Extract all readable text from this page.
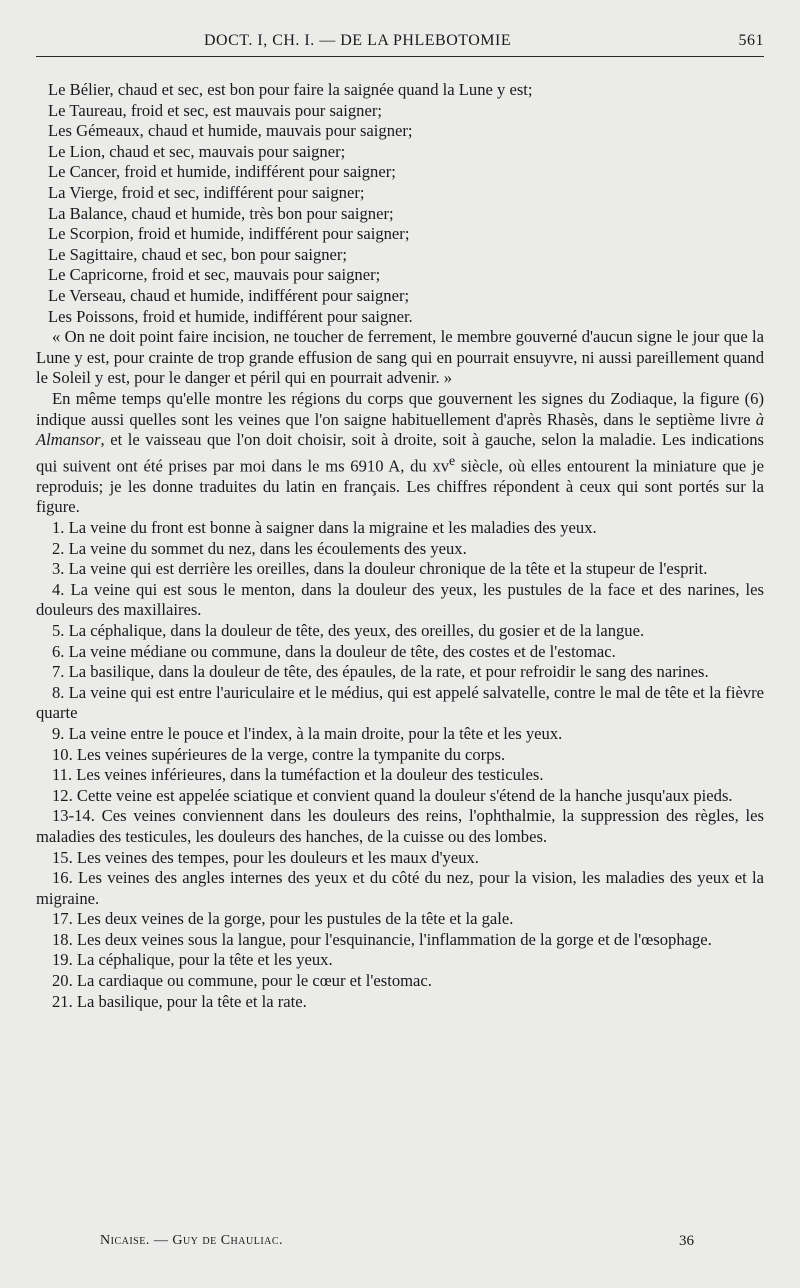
DOCT. I, CH. I. — DE LA PHLEBOTOMIE	561
Le Bélier, chaud et sec, est bon pour faire la saignée quand la Lune y est;
Le Taureau, froid et sec, est mauvais pour saigner;
Les Gémeaux, chaud et humide, mauvais pour saigner;
Le Lion, chaud et sec, mauvais pour saigner;
Le Cancer, froid et humide, indifférent pour saigner;
La Vierge, froid et sec, indifférent pour saigner;
La Balance, chaud et humide, très bon pour saigner;
Le Scorpion, froid et humide, indifférent pour saigner;
Le Sagittaire, chaud et sec, bon pour saigner;
Le Capricorne, froid et sec, mauvais pour saigner;
Le Verseau, chaud et humide, indifférent pour saigner;
Les Poissons, froid et humide, indifférent pour saigner.

« On ne doit point faire incision, ne toucher de ferrement, le membre gouverné d'aucun signe le jour que la Lune y est, pour crainte de trop grande effusion de sang qui en pourrait ensuyvre, ni aussi pareillement quand le Soleil y est, pour le danger et péril qui en pourrait advenir. »

En même temps qu'elle montre les régions du corps que gouvernent les signes du Zodiaque, la figure (6) indique aussi quelles sont les veines que l'on saigne habituellement d'après Rhasès, dans le septième livre à Almansor, et le vaisseau que l'on doit choisir, soit à droite, soit à gauche, selon la maladie. Les indications qui suivent ont été prises par moi dans le ms 6910 A, du $xv^e$ siècle, où elles entourent la miniature que je reproduis; je les donne traduites du latin en français. Les chiffres répondent à ceux qui sont portés sur la figure.

1. La veine du front est bonne à saigner dans la migraine et les maladies des yeux.

2. La veine du sommet du nez, dans les écoulements des yeux.

3. La veine qui est derrière les oreilles, dans la douleur chronique de la tête et la stupeur de l'esprit.

4. La veine qui est sous le menton, dans la douleur des yeux, les pustules de la face et des narines, les douleurs des maxillaires.

5. La céphalique, dans la douleur de tête, des yeux, des oreilles, du gosier et de la langue.

6. La veine médiane ou commune, dans la douleur de tête, des costes et de l'estomac.

7. La basilique, dans la douleur de tête, des épaules, de la rate, et pour refroidir le sang des narines.

8. La veine qui est entre l'auriculaire et le médius, qui est appelé salvatelle, contre le mal de tête et la fièvre quarte

9. La veine entre le pouce et l'index, à la main droite, pour la tête et les yeux.

10. Les veines supérieures de la verge, contre la tympanite du corps.

11. Les veines inférieures, dans la tuméfaction et la douleur des testicules.

12. Cette veine est appelée sciatique et convient quand la douleur s'étend de la hanche jusqu'aux pieds.

13-14. Ces veines conviennent dans les douleurs des reins, l'ophthalmie, la suppression des règles, les maladies des testicules, les douleurs des hanches, de la cuisse ou des lombes.

15. Les veines des tempes, pour les douleurs et les maux d'yeux.

16. Les veines des angles internes des yeux et du côté du nez, pour la vision, les maladies des yeux et la migraine.

17. Les deux veines de la gorge, pour les pustules de la tête et la gale.

18. Les deux veines sous la langue, pour l'esquinancie, l'inflammation de la gorge et de l'œsophage.

19. La céphalique, pour la tête et les yeux.

20. La cardiaque ou commune, pour le cœur et l'estomac.

21. La basilique, pour la tête et la rate.

Nicaise. — Guy de Chauliac.	36
